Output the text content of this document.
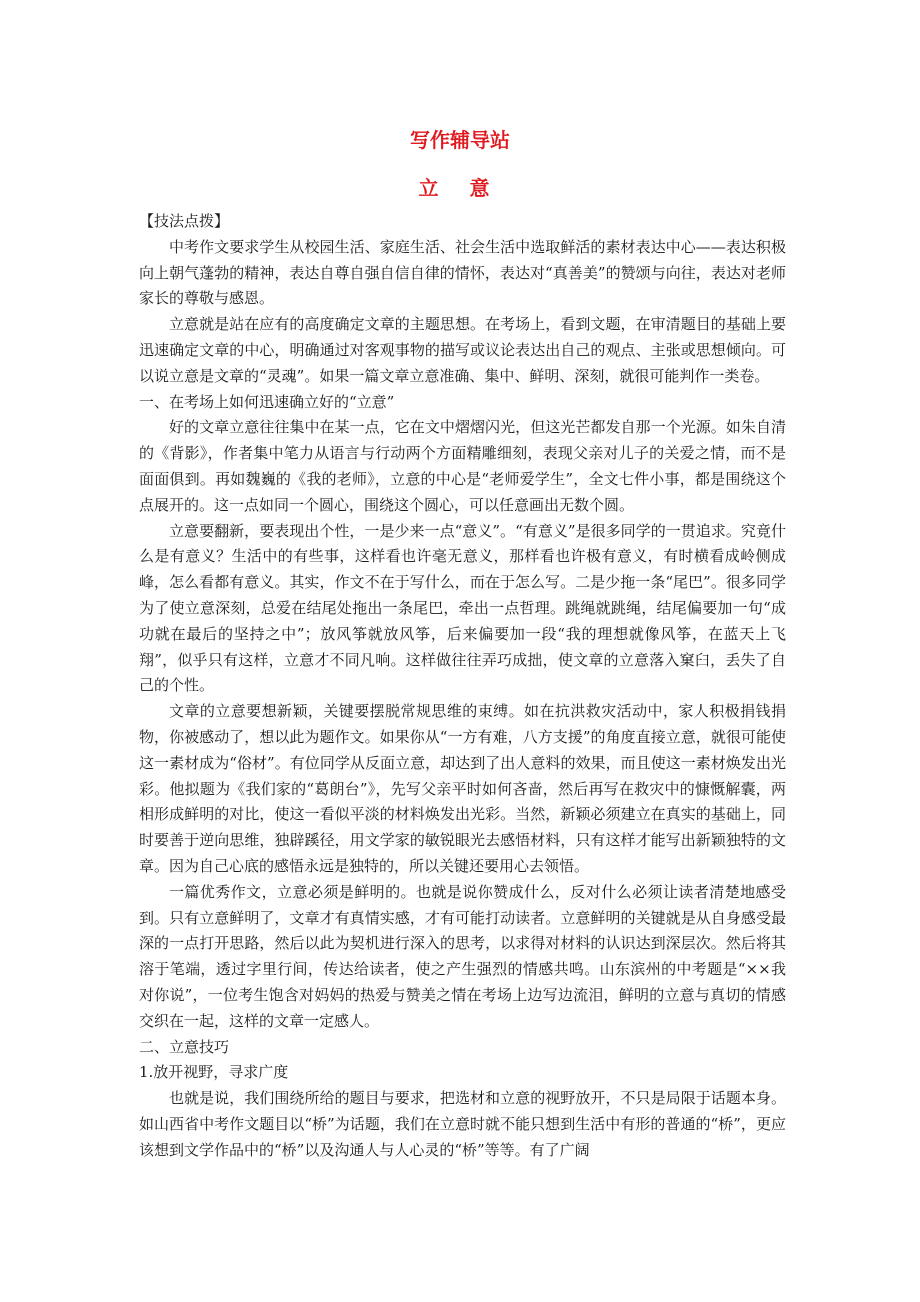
写作辅导站
立 意

【技法点拨】

中考作文要求学生从校园生活、家庭生活、社会生活中选取鲜活的素材表达中心——表达积极向上朝气蓬勃的精神，表达自尊自强自信自律的情怀，表达对“真善美”的赞颂与向往，表达对老师家长的尊敬与感恩。

立意就是站在应有的高度确定文章的主题思想。在考场上，看到文题，在审清题目的基础上要迅速确定文章的中心，明确通过对客观事物的描写或议论表达出自己的观点、主张或思想倾向。可以说立意是文章的“灵魂”。如果一篇文章立意准确、集中、鲜明、深刻，就很可能判作一类卷。

一、在考场上如何迅速确立好的“立意”

好的文章立意往往集中在某一点，它在文中熠熠闪光，但这光芒都发自那一个光源。如朱自清的《背影》，作者集中笔力从语言与行动两个方面精雕细刻，表现父亲对儿子的关爱之情，而不是面面俱到。再如魏巍的《我的老师》，立意的中心是“老师爱学生”，全文七件小事，都是围绕这个点展开的。这一点如同一个圆心，围绕这个圆心，可以任意画出无数个圆。

立意要翻新，要表现出个性，一是少来一点“意义”。“有意义”是很多同学的一贯追求。究竟什么是有意义？生活中的有些事，这样看也许毫无意义，那样看也许极有意义，有时横看成岭侧成峰，怎么看都有意义。其实，作文不在于写什么，而在于怎么写。二是少拖一条“尾巴”。很多同学为了使立意深刻，总爱在结尾处拖出一条尾巴，牵出一点哲理。跳绳就跳绳，结尾偏要加一句“成功就在最后的坚持之中”；放风筝就放风筝，后来偏要加一段“我的理想就像风筝，在蓝天上飞翔”，似乎只有这样，立意才不同凡响。这样做往往弄巧成拙，使文章的立意落入窠臼，丢失了自己的个性。

文章的立意要想新颖，关键要摆脱常规思维的束缚。如在抗洪救灾活动中，家人积极捐钱捐物，你被感动了，想以此为题作文。如果你从“一方有难，八方支援”的角度直接立意，就很可能使这一素材成为“俗材”。有位同学从反面立意，却达到了出人意料的效果，而且使这一素材焕发出光彩。他拟题为《我们家的“葛朗台”》，先写父亲平时如何吝啬，然后再写在救灾中的慷慨解囊，两相形成鲜明的对比，使这一看似平淡的材料焕发出光彩。当然，新颖必须建立在真实的基础上，同时要善于逆向思维，独辟蹊径，用文学家的敏锐眼光去感悟材料，只有这样才能写出新颖独特的文章。因为自己心底的感悟永远是独特的，所以关键还要用心去领悟。

一篇优秀作文，立意必须是鲜明的。也就是说你赞成什么，反对什么必须让读者清楚地感受到。只有立意鲜明了，文章才有真情实感，才有可能打动读者。立意鲜明的关键就是从自身感受最深的一点打开思路，然后以此为契机进行深入的思考，以求得对材料的认识达到深层次。然后将其溶于笔端，透过字里行间，传达给读者，使之产生强烈的情感共鸣。山东滨州的中考题是“××我对你说”，一位考生饱含对妈妈的热爱与赞美之情在考场上边写边流泪，鲜明的立意与真切的情感交织在一起，这样的文章一定感人。

二、立意技巧

1.放开视野，寻求广度

也就是说，我们围绕所给的题目与要求，把选材和立意的视野放开，不只是局限于话题本身。如山西省中考作文题目以“桥”为话题，我们在立意时就不能只想到生活中有形的普通的“桥”，更应该想到文学作品中的“桥”以及沟通人与人心灵的“桥”等等。有了广阔
